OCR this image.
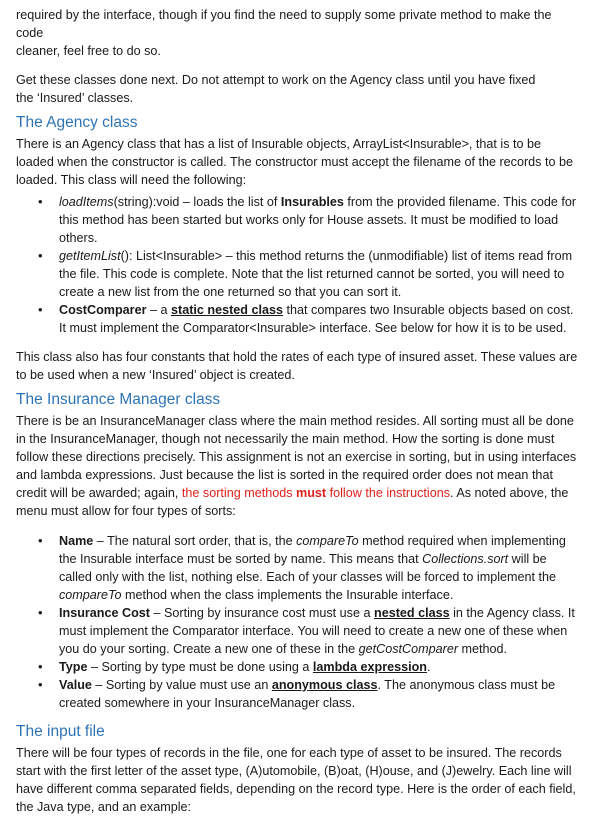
required by the interface, though if you find the need to supply some private method to make the code

cleaner, feel free to do so.

Get these classes done next. Do not attempt to work on the Agency class until you have fixed the ‘Insured’ classes.

The Agency class

There is an Agency class that has a list of Insurable objects, ArrayList<Insurable>, that is to be loaded when the constructor is called. The constructor must accept the filename of the records to be loaded. This class will need the following:

• loadItems(string):void – loads the list of Insurables from the provided filename. This code for this method has been started but works only for House assets. It must be modified to load others.
• getItemList(): List<Insurable> – this method returns the (unmodifiable) list of items read from the file. This code is complete. Note that the list returned cannot be sorted, you will need to create a new list from the one returned so that you can sort it.
• CostComparer – a static nested class that compares two Insurable objects based on cost. It must implement the Comparator<Insurable> interface. See below for how it is to be used.

This class also has four constants that hold the rates of each type of insured asset. These values are to be used when a new ‘Insured’ object is created.

The Insurance Manager class

There is be an InsuranceManager class where the main method resides. All sorting must all be done in the InsuranceManager, though not necessarily the main method. How the sorting is done must follow these directions precisely. This assignment is not an exercise in sorting, but in using interfaces and lambda expressions. Just because the list is sorted in the required order does not mean that credit will be awarded; again, the sorting methods must follow the instructions. As noted above, the menu must allow for four types of sorts:

• Name – The natural sort order, that is, the compareTo method required when implementing the Insurable interface must be sorted by name. This means that Collections.sort will be called only with the list, nothing else. Each of your classes will be forced to implement the compareTo method when the class implements the Insurable interface.
• Insurance Cost – Sorting by insurance cost must use a nested class in the Agency class. It must implement the Comparator interface. You will need to create a new one of these when you do your sorting. Create a new one of these in the getCostComparer method.
• Type – Sorting by type must be done using a lambda expression.
• Value – Sorting by value must use an anonymous class. The anonymous class must be created somewhere in your InsuranceManager class.
The input file

There will be four types of records in the file, one for each type of asset to be insured. The records start with the first letter of the asset type, (A)utomobile, (B)oat, (H)ouse, and (J)ewelry. Each line will have different comma separated fields, depending on the record type. Here is the order of each field, the Java type, and an example:
